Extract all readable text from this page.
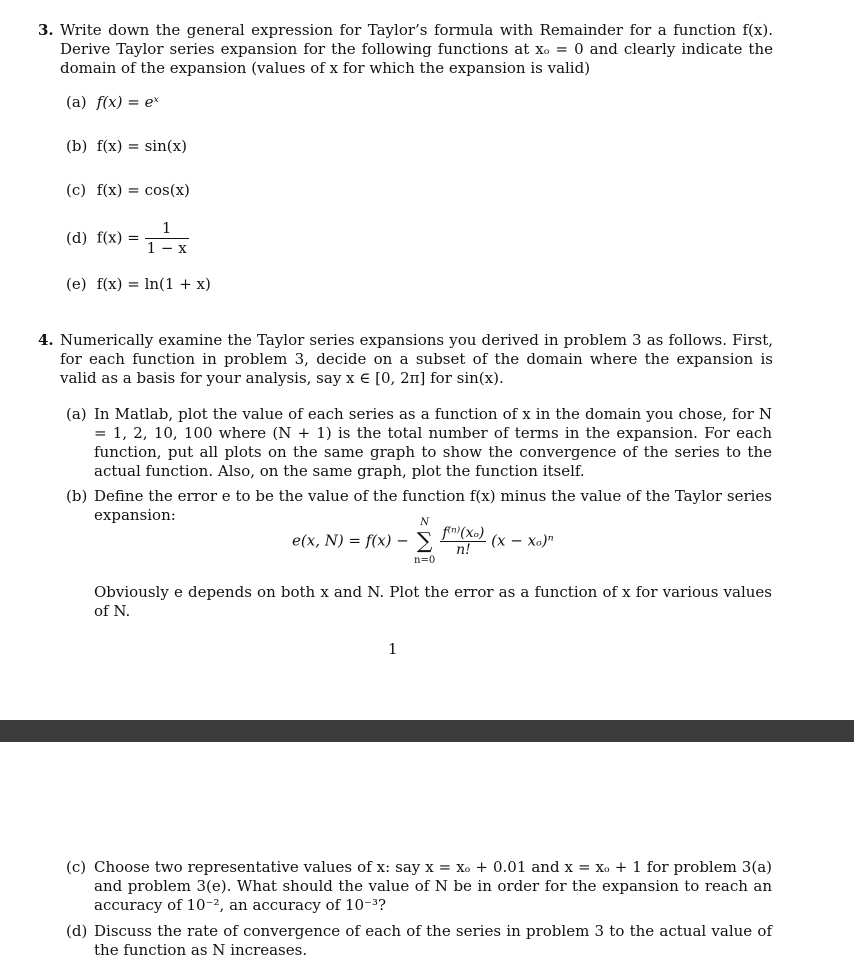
3. Write down the general expression for Taylor’s formula with Remainder for a function f(x). Derive Taylor series expansion for the following functions at xₒ = 0 and clearly indicate the domain of the expansion (values of x for which the expansion is valid)
(a) f(x) = eˣ
(b) f(x) = sin(x)
(c) f(x) = cos(x)
(d) $f(x) = \frac{1}{1 - x}$
(e) f(x) = ln(1 + x)
4. Numerically examine the Taylor series expansions you derived in problem 3 as follows. First, for each function in problem 3, decide on a subset of the domain where the expansion is valid as a basis for your analysis, say x ∈ [0, 2π] for sin(x).
(a) In Matlab, plot the value of each series as a function of x in the domain you chose, for N = 1, 2, 10, 100 where (N + 1) is the total number of terms in the expansion. For each function, put all plots on the same graph to show the convergence of the series to the actual function. Also, on the same graph, plot the function itself.
(b) Define the error e to be the value of the function f(x) minus the value of the Taylor series expansion:
e(x, N) = f(x) −
N
∑
n=0

$\frac{\text{f⁽ⁿ⁾(xₒ)}}{n!} (x - x_o)^n$
Obviously e depends on both x and N. Plot the error as a function of x for various values of N.
1
(c) Choose two representative values of x: say x = xₒ + 0.01 and x = xₒ + 1 for problem 3(a) and problem 3(e). What should the value of N be in order for the expansion to reach an accuracy of 10⁻², an accuracy of 10⁻³?
(d) Discuss the rate of convergence of each of the series in problem 3 to the actual value of the function as N increases.
